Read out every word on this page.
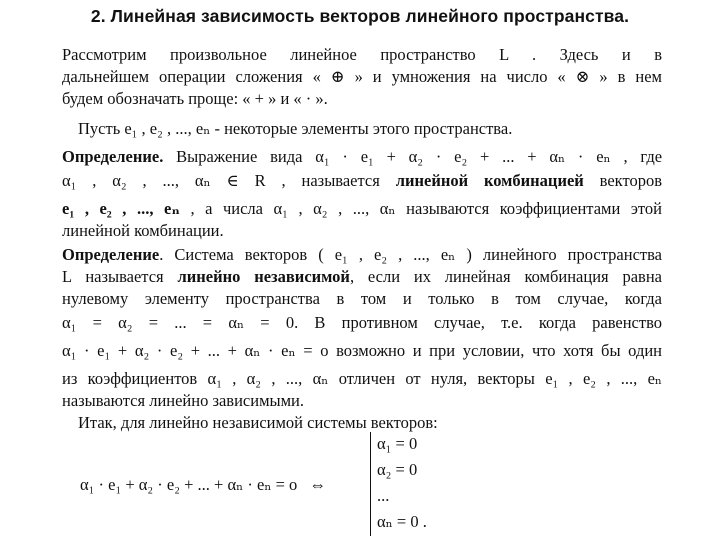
2. Линейная зависимость векторов линейного пространства.
Рассмотрим произвольное линейное пространство L . Здесь и в
дальнейшем операции сложения « ⊕ » и умножения на число « ⊗ » в нем
будем обозначать проще: « + » и « · ».
Пусть e₁ , e₂ , ..., eₙ - некоторые элементы этого пространства.
Определение. Выражение вида α₁ · e₁ + α₂ · e₂ + ... + αₙ · eₙ , где
α₁ , α₂ , ..., αₙ ∈ R , называется линейной комбинацией векторов
e₁ , e₂ , ..., eₙ , а числа α₁ , α₂ , ..., αₙ называются коэффициентами этой
линейной комбинации.
Определение. Система векторов ( e₁ , e₂ , ..., eₙ ) линейного пространства
L называется линейно независимой, если их линейная комбинация равна
нулевому элементу пространства в том и только в том случае, когда
α₁ = α₂ = ... = αₙ = 0. В противном случае, т.е. когда равенство
α₁ · e₁ + α₂ · e₂ + ... + αₙ · eₙ = o возможно и при условии, что хотя бы один
из коэффициентов α₁ , α₂ , ..., αₙ отличен от нуля, векторы e₁ , e₂ , ..., eₙ
называются линейно зависимыми.
Итак, для линейно независимой системы векторов:
α₁ · e₁ + α₂ · e₂ + ... + αₙ · eₙ = o ⇔
α₁ = 0
α₂ = 0
...
αₙ = 0 .
